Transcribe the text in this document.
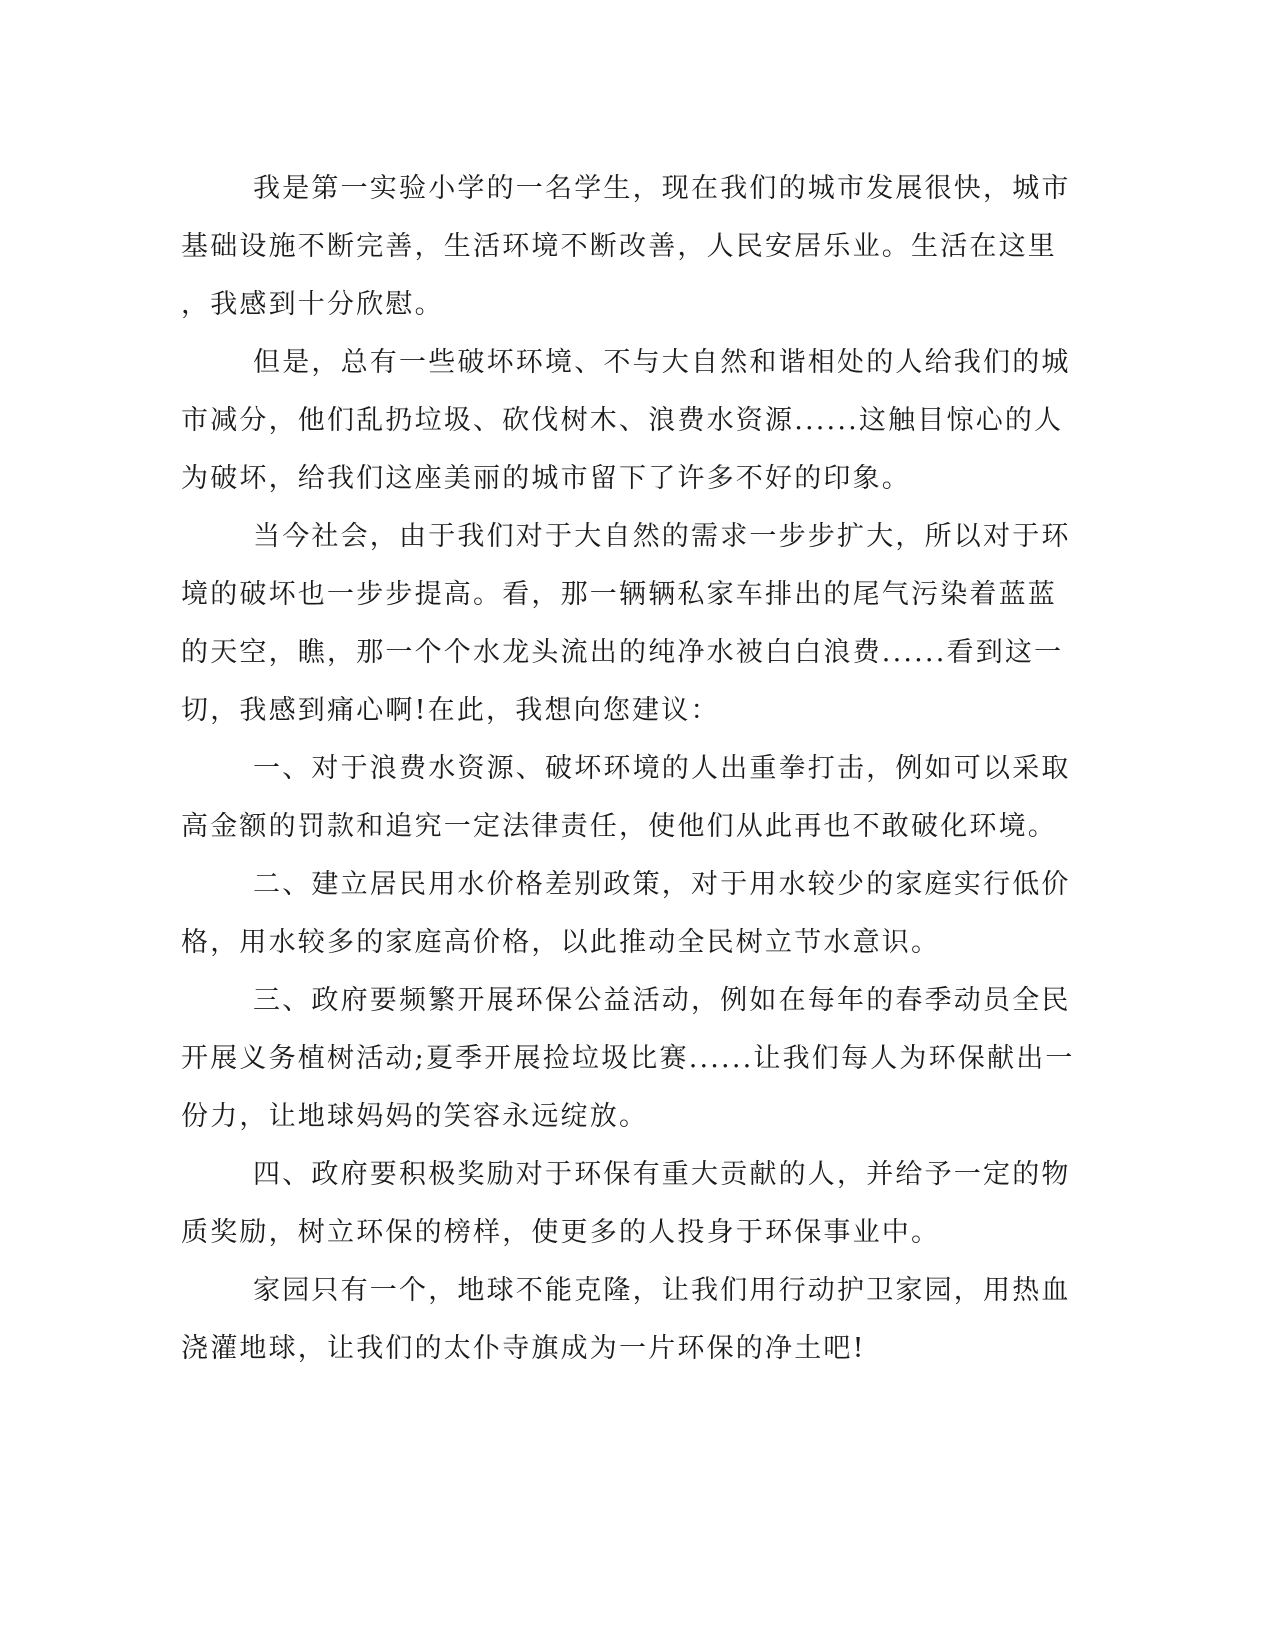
我是第一实验小学的一名学生，现在我们的城市发展很快，城市
基础设施不断完善，生活环境不断改善，人民安居乐业。生活在这里
，我感到十分欣慰。
但是，总有一些破坏环境、不与大自然和谐相处的人给我们的城
市减分，他们乱扔垃圾、砍伐树木、浪费水资源......这触目惊心的人
为破坏，给我们这座美丽的城市留下了许多不好的印象。
当今社会，由于我们对于大自然的需求一步步扩大，所以对于环
境的破坏也一步步提高。看，那一辆辆私家车排出的尾气污染着蓝蓝
的天空，瞧，那一个个水龙头流出的纯净水被白白浪费......看到这一
切，我感到痛心啊!在此，我想向您建议：
一、对于浪费水资源、破坏环境的人出重拳打击，例如可以采取
高金额的罚款和追究一定法律责任，使他们从此再也不敢破化环境。
二、建立居民用水价格差别政策，对于用水较少的家庭实行低价
格，用水较多的家庭高价格，以此推动全民树立节水意识。
三、政府要频繁开展环保公益活动，例如在每年的春季动员全民
开展义务植树活动;夏季开展捡垃圾比赛......让我们每人为环保献出一
份力，让地球妈妈的笑容永远绽放。
四、政府要积极奖励对于环保有重大贡献的人，并给予一定的物
质奖励，树立环保的榜样，使更多的人投身于环保事业中。
家园只有一个，地球不能克隆，让我们用行动护卫家园，用热血
浇灌地球，让我们的太仆寺旗成为一片环保的净土吧!
